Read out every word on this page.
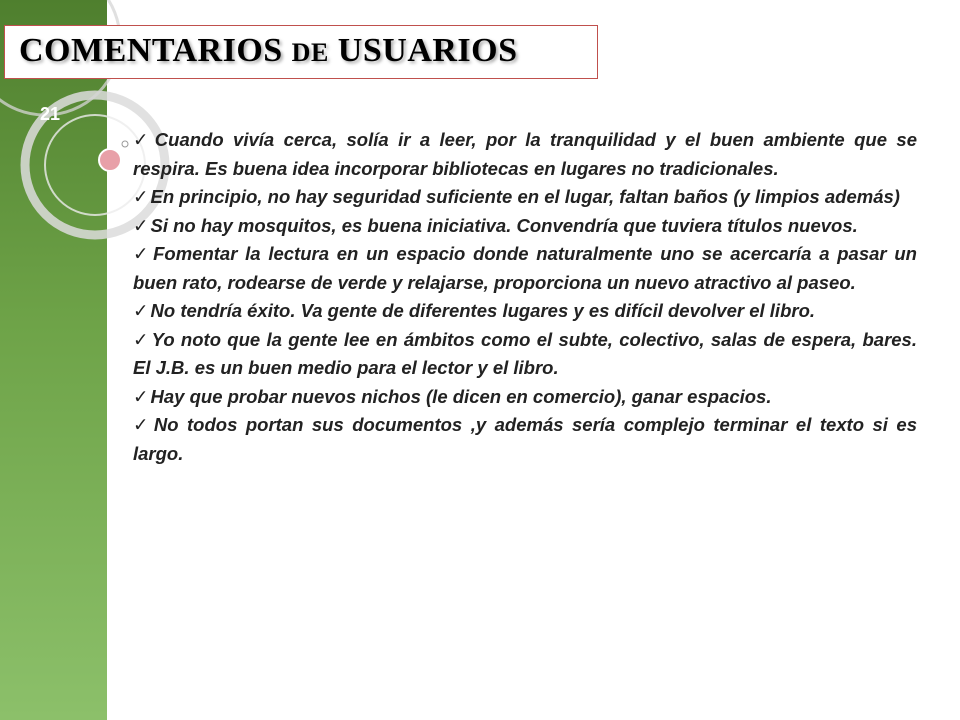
21
COMENTARIOS DE USUARIOS
✓ Cuando vivía cerca, solía ir a leer, por la tranquilidad y el buen ambiente que se respira. Es buena idea incorporar bibliotecas en lugares no tradicionales.
✓ En principio, no hay seguridad suficiente en el lugar, faltan baños (y limpios además)
✓ Si no hay mosquitos, es buena iniciativa. Convendría que tuviera títulos nuevos.
✓ Fomentar la lectura en un espacio donde naturalmente uno se acercaría a pasar un buen rato, rodearse de verde y relajarse, proporciona un nuevo atractivo al paseo.
✓ No tendría éxito. Va gente de diferentes lugares y es difícil devolver el libro.
✓ Yo noto que la gente lee en ámbitos como el subte, colectivo, salas de espera, bares. El J.B. es un buen medio para el lector y el libro.
✓ Hay que probar nuevos nichos (le dicen en comercio), ganar espacios.
✓ No todos portan sus documentos ,y además sería complejo terminar el texto si es largo.
